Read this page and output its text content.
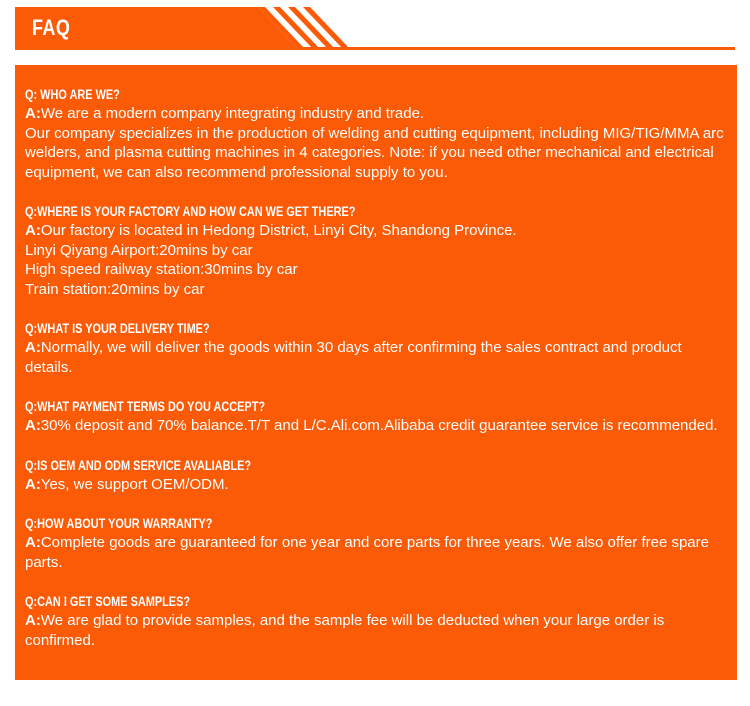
FAQ
Q: WHO ARE WE?
A:We are a modern company integrating industry and trade.
Our company specializes in the production of welding and cutting equipment, including MIG/TIG/MMA arc welders, and plasma cutting machines in 4 categories. Note: if you need other mechanical and electrical equipment, we can also recommend professional supply to you.
Q:WHERE IS YOUR FACTORY AND HOW CAN WE GET THERE?
A:Our factory is located in Hedong District, Linyi City, Shandong Province.
Linyi Qiyang Airport:20mins by car
High speed railway station:30mins by car
Train station:20mins by car
Q:WHAT IS YOUR DELIVERY TIME?
A:Normally, we will deliver the goods within 30 days after confirming the sales contract and product details.
Q:WHAT PAYMENT TERMS DO YOU ACCEPT?
A:30% deposit and 70% balance.T/T and L/C.Ali.com.Alibaba credit guarantee service is recommended.
Q:IS OEM AND ODM SERVICE AVALIABLE?
A:Yes, we support OEM/ODM.
Q:HOW ABOUT YOUR WARRANTY?
A:Complete goods are guaranteed for one year and core parts for three years. We also offer free spare parts.
Q:CAN I GET SOME SAMPLES?
A:We are glad to provide samples, and the sample fee will be deducted when your large order is confirmed.
